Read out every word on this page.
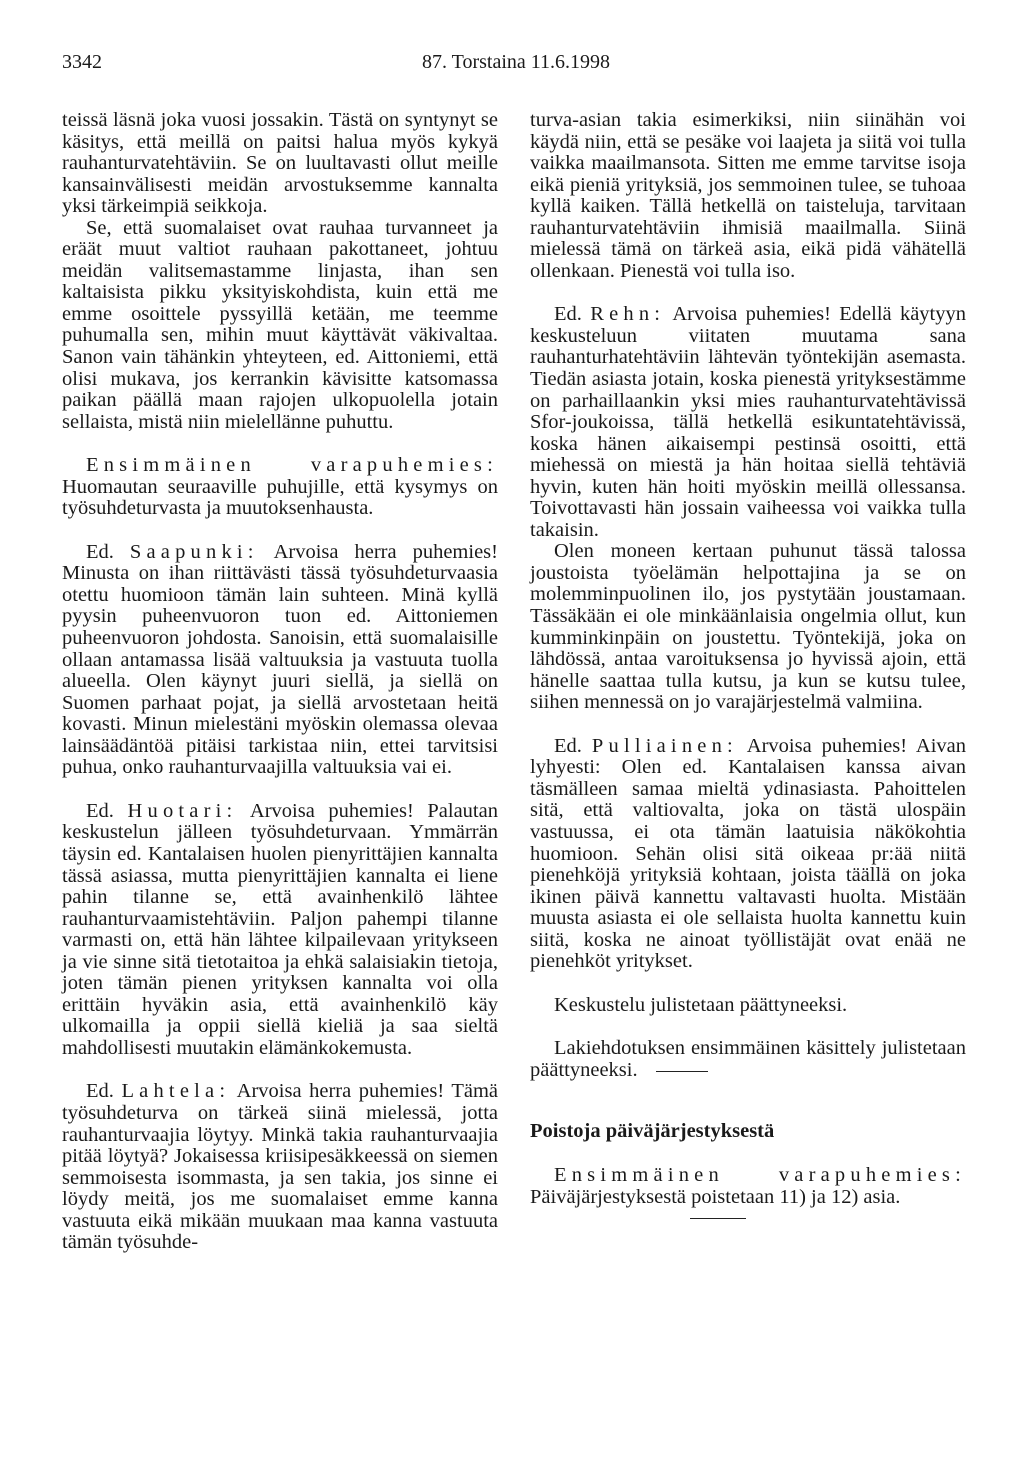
3342	87. Torstaina 11.6.1998

teissä läsnä joka vuosi jossakin. Tästä on syntynyt se käsitys, että meillä on paitsi halua myös kykyä rauhanturvatehtäviin. Se on luultavasti ollut meille kansainvälisesti meidän arvostuksemme kannalta yksi tärkeimpiä seikkoja.

Se, että suomalaiset ovat rauhaa turvanneet ja eräät muut valtiot rauhaan pakottaneet, johtuu meidän valitsemastamme linjasta, ihan sen kaltaisista pikku yksityiskohdista, kuin että me emme osoittele pyssyillä ketään, me teemme puhumalla sen, mihin muut käyttävät väkivaltaa. Sanon vain tähänkin yhteyteen, ed. Aittoniemi, että olisi mukava, jos kerrankin kävisitte katsomassa paikan päällä maan rajojen ulkopuolella jotain sellaista, mistä niin mielellänne puhuttu.

Ensimmäinen varapuhemies: Huomautan seuraaville puhujille, että kysymys on työsuhdeturvasta ja muutoksenhausta.

Ed. Saapunki: Arvoisa herra puhemies! Minusta on ihan riittävästi tässä työsuhdeturvaasia otettu huomioon tämän lain suhteen. Minä kyllä pyysin puheenvuoron tuon ed. Aittoniemen puheenvuoron johdosta. Sanoisin, että suomalaisille ollaan antamassa lisää valtuuksia ja vastuuta tuolla alueella. Olen käynyt juuri siellä, ja siellä on Suomen parhaat pojat, ja siellä arvostetaan heitä kovasti. Minun mielestäni myöskin olemassa olevaa lainsäädäntöä pitäisi tarkistaa niin, ettei tarvitsisi puhua, onko rauhanturvaajilla valtuuksia vai ei.

Ed. Huotari: Arvoisa puhemies! Palautan keskustelun jälleen työsuhdeturvaan. Ymmärrän täysin ed. Kantalaisen huolen pienyrittäjien kannalta tässä asiassa, mutta pienyrittäjien kannalta ei liene pahin tilanne se, että avainhenkilö lähtee rauhanturvaamistehtäviin. Paljon pahempi tilanne varmasti on, että hän lähtee kilpailevaan yritykseen ja vie sinne sitä tietotaitoa ja ehkä salaisiakin tietoja, joten tämän pienen yrityksen kannalta voi olla erittäin hyväkin asia, että avainhenkilö käy ulkomailla ja oppii siellä kieliä ja saa sieltä mahdollisesti muutakin elämänkokemusta.

Ed. Lahtela: Arvoisa herra puhemies! Tämä työsuhdeturva on tärkeä siinä mielessä, jotta rauhanturvaajia löytyy. Minkä takia rauhanturvaajia pitää löytyä? Jokaisessa kriisipesäkkeessä on siemen semmoisesta isommasta, ja sen takia, jos sinne ei löydy meitä, jos me suomalaiset emme kanna vastuuta eikä mikään muukaan maa kanna vastuuta tämän työsuhde-

turva-asian takia esimerkiksi, niin siinähän voi käydä niin, että se pesäke voi laajeta ja siitä voi tulla vaikka maailmansota. Sitten me emme tarvitse isoja eikä pieniä yrityksiä, jos semmoinen tulee, se tuhoaa kyllä kaiken. Tällä hetkellä on taisteluja, tarvitaan rauhanturvatehtäviin ihmisiä maailmalla. Siinä mielessä tämä on tärkeä asia, eikä pidä vähätellä ollenkaan. Pienestä voi tulla iso.

Ed. Rehn: Arvoisa puhemies! Edellä käytyyn keskusteluun viitaten muutama sana rauhanturhatehtäviin lähtevän työntekijän asemasta. Tiedän asiasta jotain, koska pienestä yrityksestämme on parhaillaankin yksi mies rauhanturvatehtävissä Sfor-joukoissa, tällä hetkellä esikuntatehtävissä, koska hänen aikaisempi pestinsä osoitti, että miehessä on miestä ja hän hoitaa siellä tehtäviä hyvin, kuten hän hoiti myöskin meillä ollessansa. Toivottavasti hän jossain vaiheessa voi vaikka tulla takaisin.

Olen moneen kertaan puhunut tässä talossa joustoista työelämän helpottajina ja se on molemminpuolinen ilo, jos pystytään joustamaan. Tässäkään ei ole minkäänlaisia ongelmia ollut, kun kumminkinpäin on joustettu. Työntekijä, joka on lähdössä, antaa varoituksensa jo hyvissä ajoin, että hänelle saattaa tulla kutsu, ja kun se kutsu tulee, siihen mennessä on jo varajärjestelmä valmiina.

Ed. Pulliainen: Arvoisa puhemies! Aivan lyhyesti: Olen ed. Kantalaisen kanssa aivan täsmälleen samaa mieltä ydinasiasta. Pahoittelen sitä, että valtiovalta, joka on tästä ulospäin vastuussa, ei ota tämän laatuisia näkökohtia huomioon. Sehän olisi sitä oikeaa pr:ää niitä pienehköjä yrityksiä kohtaan, joista täällä on joka ikinen päivä kannettu valtavasti huolta. Mistään muusta asiasta ei ole sellaista huolta kannettu kuin siitä, koska ne ainoat työllistäjät ovat enää ne pienehköt yritykset.

Keskustelu julistetaan päättyneeksi.

Lakiehdotuksen ensimmäinen käsittely julistetaan päättyneeksi.

Poistoja päiväjärjestyksestä

Ensimmäinen varapuhemies: Päiväjärjestyksestä poistetaan 11) ja 12) asia.
